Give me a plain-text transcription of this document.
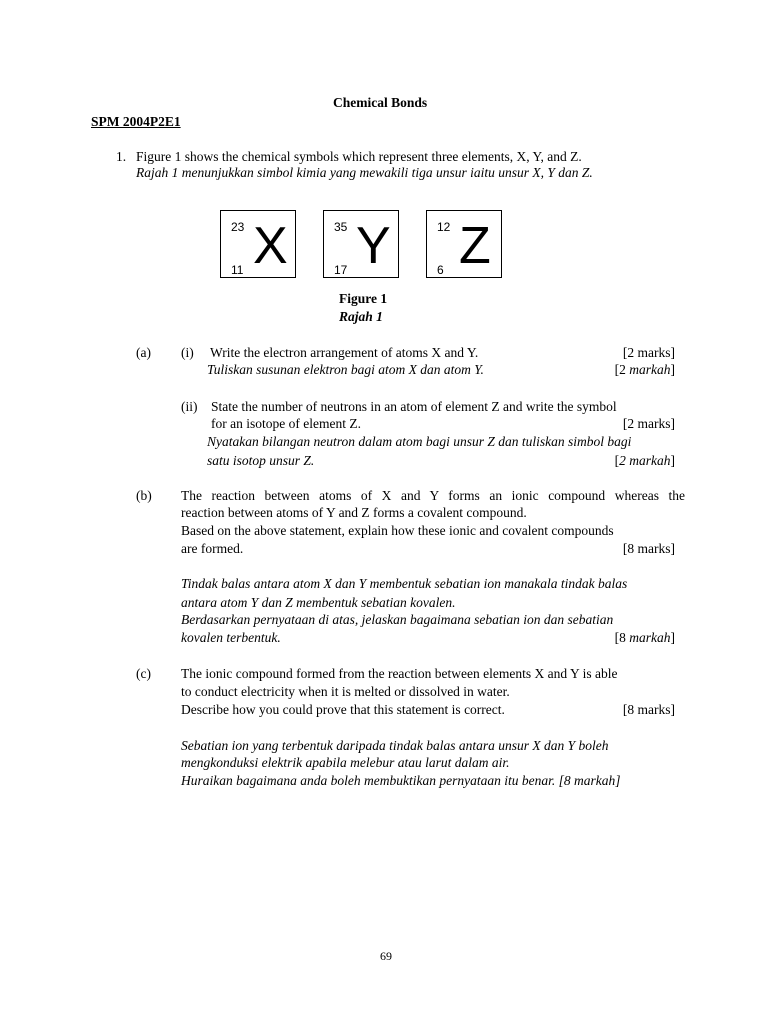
Chemical Bonds
SPM 2004P2E1
1. Figure 1 shows the chemical symbols which represent three elements, X, Y, and Z.
Rajah 1 menunjukkan simbol kimia yang mewakili tiga unsur iaitu unsur X, Y dan Z.
23
11 X	35
17 Y	12
6 Z
Figure 1
Rajah 1
(a) (i) Write the electron arrangement of atoms X and Y.	[2 marks]
Tuliskan susunan elektron bagi atom X dan atom Y.	[2 markah]
(ii) State the number of neutrons in an atom of element Z and write the symbol
for an isotope of element Z.	[2 marks]
Nyatakan bilangan neutron dalam atom bagi unsur Z dan tuliskan simbol bagi
satu isotop unsur Z.	[2 markah]
(b) The reaction between atoms of X and Y forms an ionic compound whereas the
reaction between atoms of Y and Z forms a covalent compound.
Based on the above statement, explain how these ionic and covalent compounds
are formed.	[8 marks]
Tindak balas antara atom X dan Y membentuk sebatian ion manakala tindak balas
antara atom Y dan Z membentuk sebatian kovalen.
Berdasarkan pernyataan di atas, jelaskan bagaimana sebatian ion dan sebatian
kovalen terbentuk.	[8 markah]
(c) The ionic compound formed from the reaction between elements X and Y is able
to conduct electricity when it is melted or dissolved in water.
Describe how you could prove that this statement is correct.	[8 marks]
Sebatian ion yang terbentuk daripada tindak balas antara unsur X dan Y boleh
mengkonduksi elektrik apabila melebur atau larut dalam air.
Huraikan bagaimana anda boleh membuktikan pernyataan itu benar. [8 markah]
69
